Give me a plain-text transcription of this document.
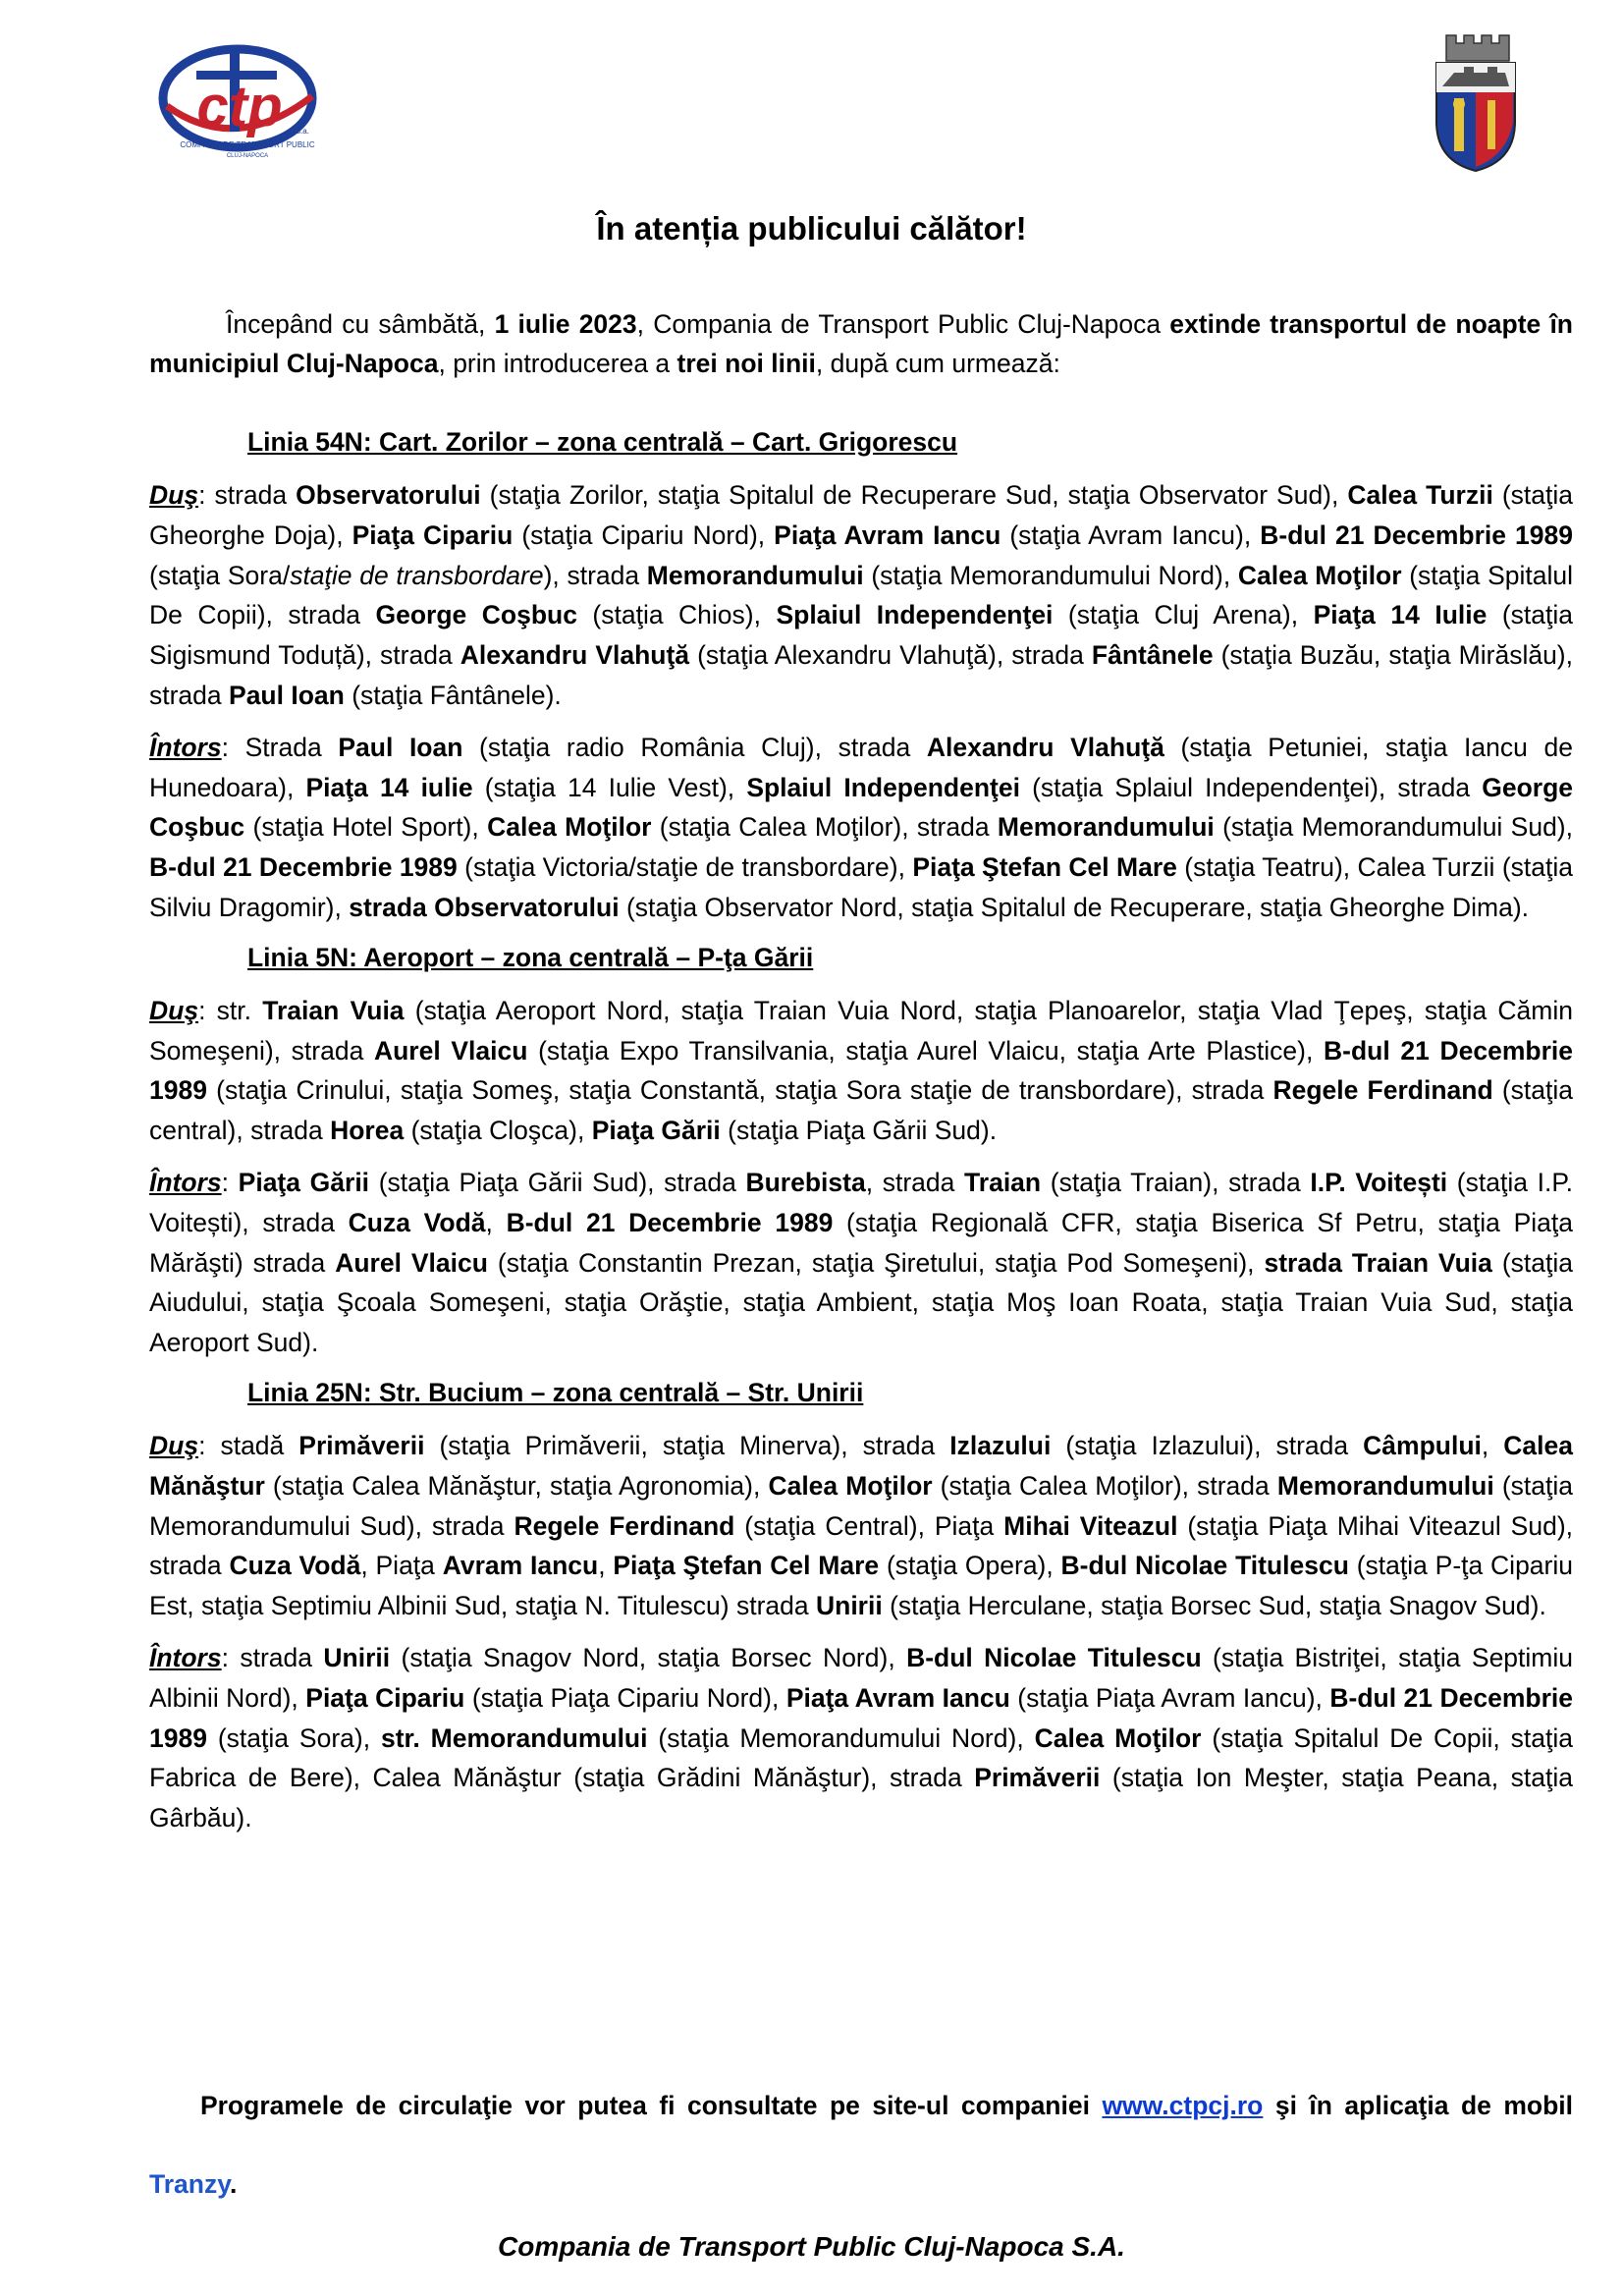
ctp s.a.
COMPANIA DE TRANSPORT PUBLIC
CLUJ-NAPOCA
În atenția publicului călător!

Începând cu sâmbătă, 1 iulie 2023, Compania de Transport Public Cluj-Napoca extinde transportul de noapte în municipiul Cluj-Napoca, prin introducerea a trei noi linii, după cum urmează:

Linia 54N: Cart. Zorilor – zona centrală – Cart. Grigorescu

Duş: strada Observatorului (staţia Zorilor, staţia Spitalul de Recuperare Sud, staţia Observator Sud), Calea Turzii (staţia Gheorghe Doja), Piaţa Cipariu (staţia Cipariu Nord), Piaţa Avram Iancu (staţia Avram Iancu), B-dul 21 Decembrie 1989 (staţia Sora/staţie de transbordare), strada Memorandumului (staţia Memorandumului Nord), Calea Moţilor (staţia Spitalul De Copii), strada George Coşbuc (staţia Chios), Splaiul Independenţei (staţia Cluj Arena), Piaţa 14 Iulie (staţia Sigismund Toduță), strada Alexandru Vlahuţă (staţia Alexandru Vlahuţă), strada Fântânele (staţia Buzău, staţia Mirăslău), strada Paul Ioan (staţia Fântânele).

Întors: Strada Paul Ioan (staţia radio România Cluj), strada Alexandru Vlahuţă (staţia Petuniei, staţia Iancu de Hunedoara), Piaţa 14 iulie (staţia 14 Iulie Vest), Splaiul Independenţei (staţia Splaiul Independenţei), strada George Coşbuc (staţia Hotel Sport), Calea Moţilor (staţia Calea Moţilor), strada Memorandumului (staţia Memorandumului Sud), B-dul 21 Decembrie 1989 (staţia Victoria/staţie de transbordare), Piaţa Ştefan Cel Mare (staţia Teatru), Calea Turzii (staţia Silviu Dragomir), strada Observatorului (staţia Observator Nord, staţia Spitalul de Recuperare, staţia Gheorghe Dima).

Linia 5N: Aeroport – zona centrală – P-ţa Gării

Duş: str. Traian Vuia (staţia Aeroport Nord, staţia Traian Vuia Nord, staţia Planoarelor, staţia Vlad Ţepeş, staţia Cămin Someşeni), strada Aurel Vlaicu (staţia Expo Transilvania, staţia Aurel Vlaicu, staţia Arte Plastice), B-dul 21 Decembrie 1989 (staţia Crinului, staţia Someş, staţia Constantă, staţia Sora staţie de transbordare), strada Regele Ferdinand (staţia central), strada Horea (staţia Cloşca), Piaţa Gării (staţia Piaţa Gării Sud).

Întors: Piaţa Gării (staţia Piaţa Gării Sud), strada Burebista, strada Traian (staţia Traian), strada I.P. Voitești (staţia I.P. Voitești), strada Cuza Vodă, B-dul 21 Decembrie 1989 (staţia Regională CFR, staţia Biserica Sf Petru, staţia Piaţa Mărăşti) strada Aurel Vlaicu (staţia Constantin Prezan, staţia Şiretului, staţia Pod Someşeni), strada Traian Vuia (staţia Aiudului, staţia Şcoala Someşeni, staţia Orăştie, staţia Ambient, staţia Moş Ioan Roata, staţia Traian Vuia Sud, staţia Aeroport Sud).

Linia 25N: Str. Bucium – zona centrală – Str. Unirii

Duş: stadă Primăverii (staţia Primăverii, staţia Minerva), strada Izlazului (staţia Izlazului), strada Câmpului, Calea Mănăştur (staţia Calea Mănăştur, staţia Agronomia), Calea Moţilor (staţia Calea Moţilor), strada Memorandumului (staţia Memorandumului Sud), strada Regele Ferdinand (staţia Central), Piaţa Mihai Viteazul (staţia Piaţa Mihai Viteazul Sud), strada Cuza Vodă, Piaţa Avram Iancu, Piaţa Ştefan Cel Mare (staţia Opera), B-dul Nicolae Titulescu (staţia P-ţa Cipariu Est, staţia Septimiu Albinii Sud, staţia N. Titulescu) strada Unirii (staţia Herculane, staţia Borsec Sud, staţia Snagov Sud).

Întors: strada Unirii (staţia Snagov Nord, staţia Borsec Nord), B-dul Nicolae Titulescu (staţia Bistriţei, staţia Septimiu Albinii Nord), Piaţa Cipariu (staţia Piaţa Cipariu Nord), Piaţa Avram Iancu (staţia Piaţa Avram Iancu), B-dul 21 Decembrie 1989 (staţia Sora), str. Memorandumului (staţia Memorandumului Nord), Calea Moţilor (staţia Spitalul De Copii, staţia Fabrica de Bere), Calea Mănăştur (staţia Grădini Mănăştur), strada Primăverii (staţia Ion Meşter, staţia Peana, staţia Gârbău).

Programele de circulaţie vor putea fi consultate pe site-ul companiei www.ctpcj.ro şi în aplicaţia de mobil Tranzy.

Compania de Transport Public Cluj-Napoca S.A.
